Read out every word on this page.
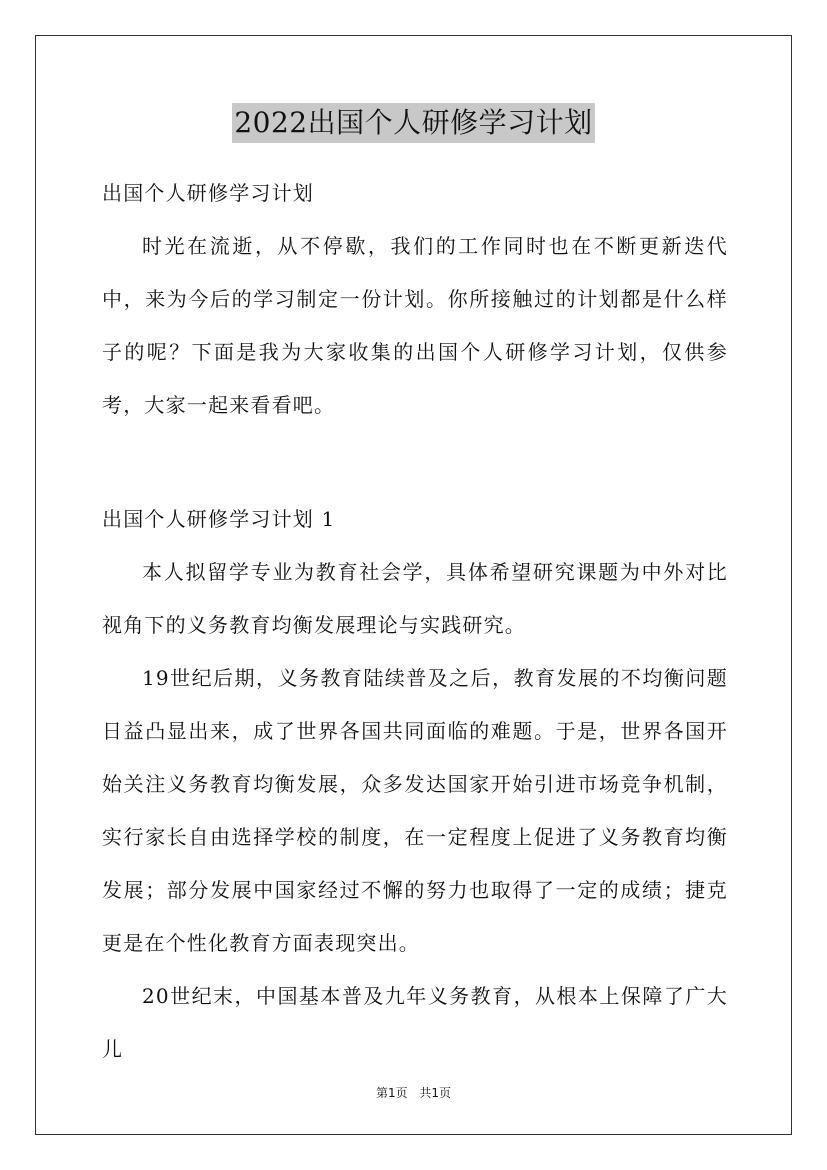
2022出国个人研修学习计划

出国个人研修学习计划

时光在流逝，从不停歇，我们的工作同时也在不断更新迭代中，来为今后的学习制定一份计划。你所接触过的计划都是什么样子的呢？下面是我为大家收集的出国个人研修学习计划，仅供参考，大家一起来看看吧。

出国个人研修学习计划 1

本人拟留学专业为教育社会学，具体希望研究课题为中外对比视角下的义务教育均衡发展理论与实践研究。

19世纪后期，义务教育陆续普及之后，教育发展的不均衡问题日益凸显出来，成了世界各国共同面临的难题。于是，世界各国开始关注义务教育均衡发展，众多发达国家开始引进市场竞争机制，实行家长自由选择学校的制度，在一定程度上促进了义务教育均衡发展；部分发展中国家经过不懈的努力也取得了一定的成绩；捷克更是在个性化教育方面表现突出。

20世纪末，中国基本普及九年义务教育，从根本上保障了广大儿

第1页 共1页
